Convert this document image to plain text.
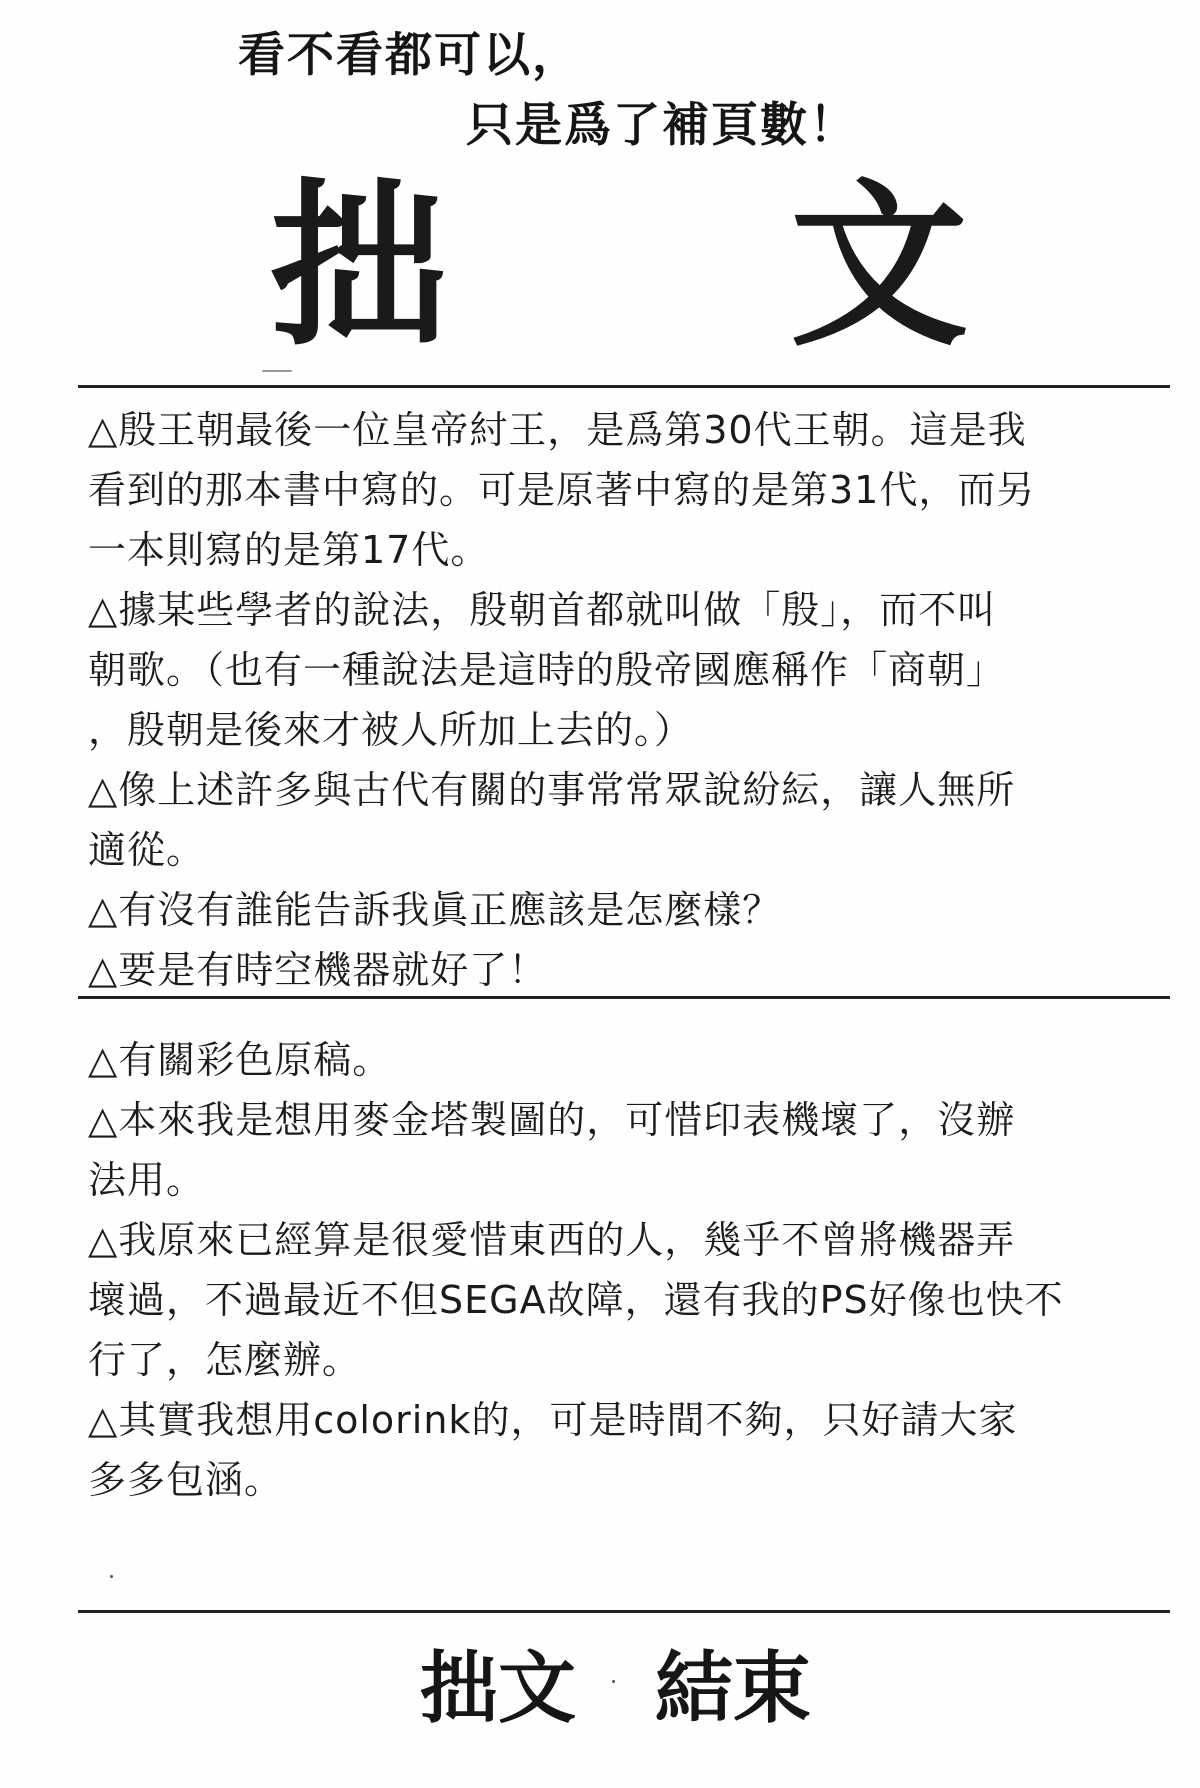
看不看都可以，
只是爲了補頁數！
拙 文

△殷王朝最後一位皇帝紂王，是爲第30代王朝。這是我
看到的那本書中寫的。可是原著中寫的是第31代，而另
一本則寫的是第17代。

△據某些學者的說法，殷朝首都就叫做「殷」，而不叫
朝歌。（也有一種說法是這時的殷帝國應稱作「商朝」
，殷朝是後來才被人所加上去的。）

△像上述許多與古代有關的事常常眾說紛紜，讓人無所
適從。

△有沒有誰能告訴我眞正應該是怎麼樣？

△要是有時空機器就好了！

△有關彩色原稿。

△本來我是想用麥金塔製圖的，可惜印表機壞了，沒辦
法用。

△我原來已經算是很愛惜東西的人，幾乎不曾將機器弄
壞過，不過最近不但SEGA故障，還有我的PS好像也快不
行了，怎麼辦。

△其實我想用colorink的，可是時間不夠，只好請大家
多多包涵。

拙文 結束
